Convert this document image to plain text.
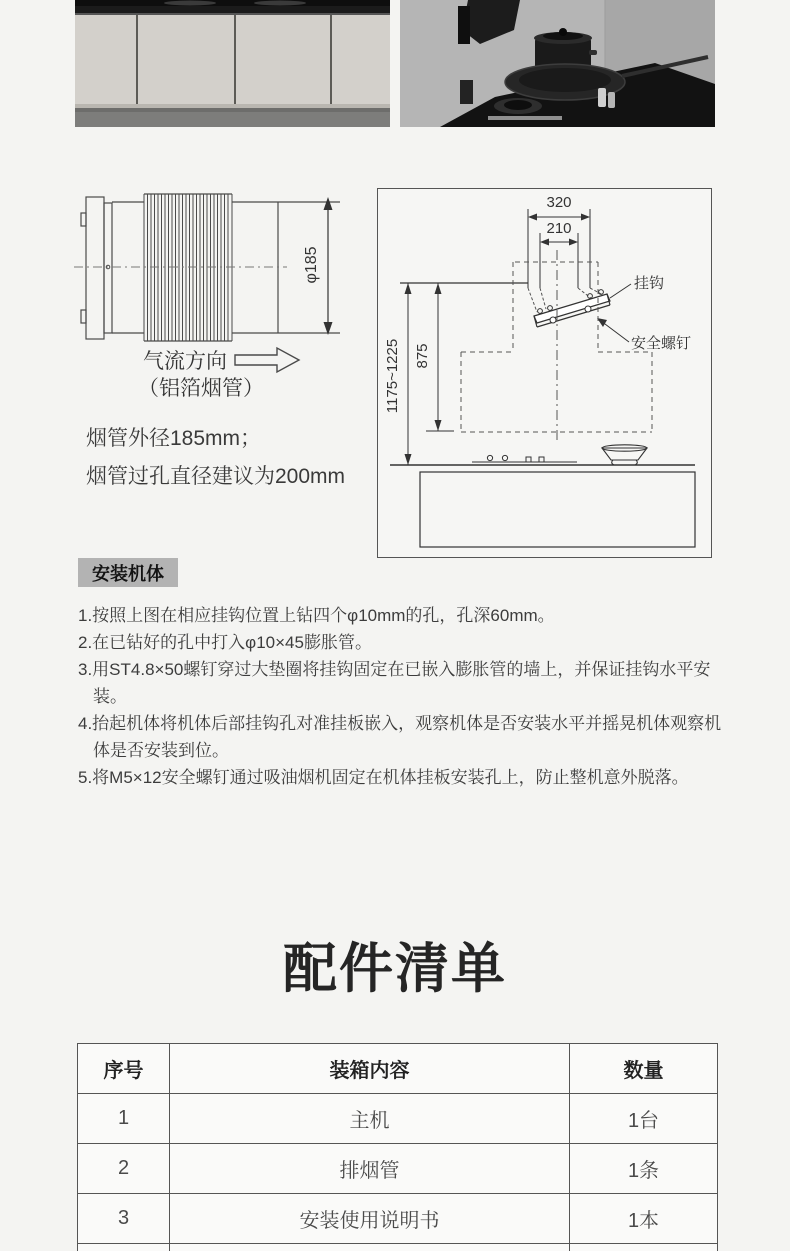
φ185
气流方向
（铝箔烟管）
烟管外径185mm；
烟管过孔直径建议为200mm
320
210
挂钩
安全螺钉
1175~1225 875
安装机体
1.按照上图在相应挂钩位置上钻四个φ10mm的孔，孔深60mm。
2.在已钻好的孔中打入φ10×45膨胀管。
3.用ST4.8×50螺钉穿过大垫圈将挂钩固定在已嵌入膨胀管的墙上，并保证挂钩水平安装。
4.抬起机体将机体后部挂钩孔对准挂板嵌入，观察机体是否安装水平并摇晃机体观察机体是否安装到位。
5.将M5×12安全螺钉通过吸油烟机固定在机体挂板安装孔上，防止整机意外脱落。
配件清单
序号	装箱内容	数量
1	主机	1台
2	排烟管	1条
3	安装使用说明书	1本
